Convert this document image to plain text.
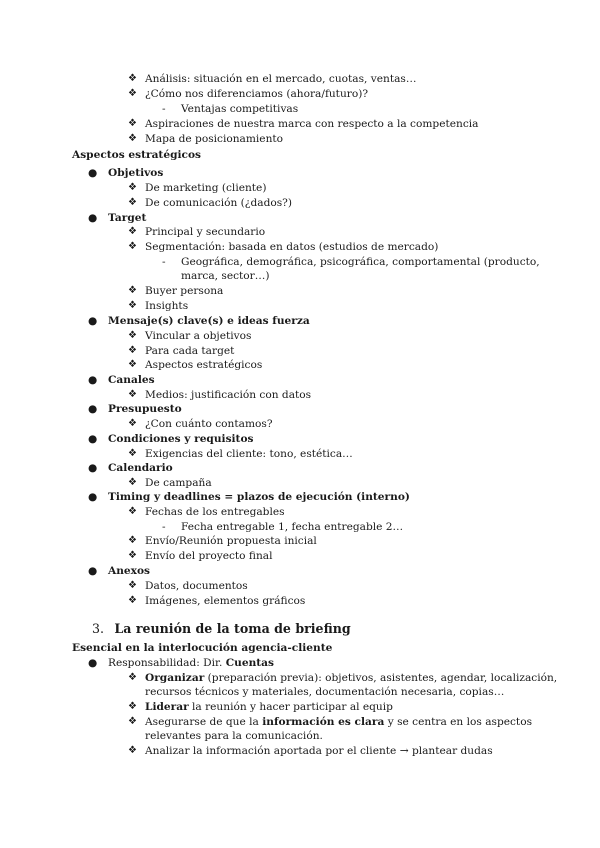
❖ Análisis: situación en el mercado, cuotas, ventas…
❖ ¿Cómo nos diferenciamos (ahora/futuro)?
- Ventajas competitivas
❖ Aspiraciones de nuestra marca con respecto a la competencia
❖ Mapa de posicionamiento
Aspectos estratégicos
●	Objetivos
❖ De marketing (cliente)
❖ De comunicación (¿dados?)
●	Target
❖ Principal y secundario
❖ Segmentación: basada en datos (estudios de mercado)
- Geográfica, demográfica, psicográfica, comportamental (producto,
marca, sector…)
❖ Buyer persona
❖ Insights
●	Mensaje(s) clave(s) e ideas fuerza
❖ Vincular a objetivos
❖ Para cada target
❖ Aspectos estratégicos
●	Canales
❖ Medios: justificación con datos
●	Presupuesto
❖ ¿Con cuánto contamos?
●	Condiciones y requisitos
❖ Exigencias del cliente: tono, estética…
●	Calendario
❖ De campaña
●	Timing y deadlines = plazos de ejecución (interno)
❖ Fechas de los entregables
- Fecha entregable 1, fecha entregable 2…
❖ Envío/Reunión propuesta inicial
❖ Envío del proyecto final
●	Anexos
❖ Datos, documentos
❖ Imágenes, elementos gráficos
3. La reunión de la toma de briefing
Esencial en la interlocución agencia-cliente
●	Responsabilidad: Dir. Cuentas
❖ Organizar (preparación previa): objetivos, asistentes, agendar, localización,
recursos técnicos y materiales, documentación necesaria, copias…
❖ Liderar la reunión y hacer participar al equip
❖ Asegurarse de que la información es clara y se centra en los aspectos
relevantes para la comunicación.
❖ Analizar la información aportada por el cliente → plantear dudas
